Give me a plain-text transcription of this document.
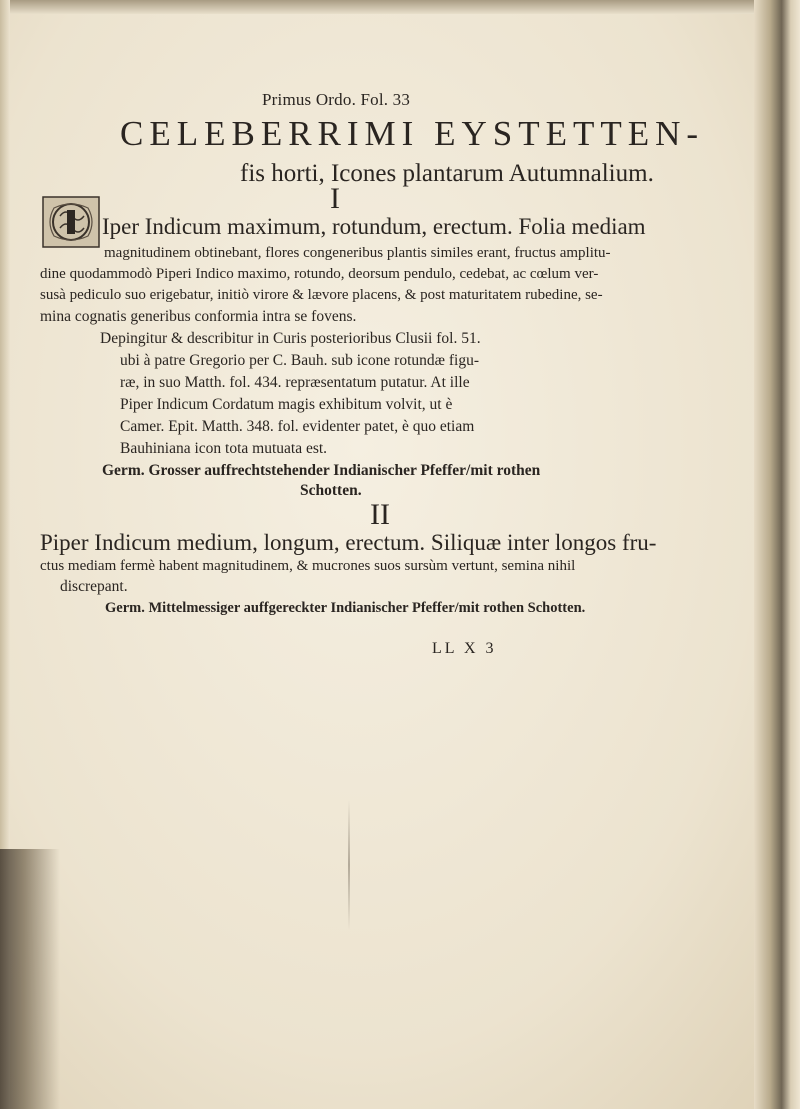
Primus Ordo. Fol. 33
CELEBERRIMI EYSTETTEN-
fis horti, Icones plantarum Autumnalium.
I
Iper Indicum maximum, rotundum, erectum. Folia mediam
magnitudinem obtinebant, flores congeneribus plantis similes erant, fructus amplitu-
dine quodammodò Piperi Indico maximo, rotundo, deorsum pendulo, cedebat, ac cœlum ver-
susà pediculo suo erigebatur, initiò virore & lævore placens, & post maturitatem rubedine, se-
mina cognatis generibus conformia intra se fovens.
Depingitur & describitur in Curis posterioribus Clusii fol. 51.
ubi à patre Gregorio per C. Bauh. sub icone rotundæ figu-
ræ, in suo Matth. fol. 434. repræsentatum putatur. At ille
Piper Indicum Cordatum magis exhibitum volvit, ut è
Camer. Epit. Matth. 348. fol. evidenter patet, è quo etiam
Bauhiniana icon tota mutuata est.
Germ. Grosser auffrechtstehender Indianischer Pfeffer/mit rothen
Schotten.
II
Piper Indicum medium, longum, erectum. Siliquæ inter longos fru-
ctus mediam fermè habent magnitudinem, & mucrones suos sursùm vertunt, semina nihil
discrepant.
Germ. Mittelmessiger auffgereckter Indianischer Pfeffer/mit rothen Schotten.
LL X 3
